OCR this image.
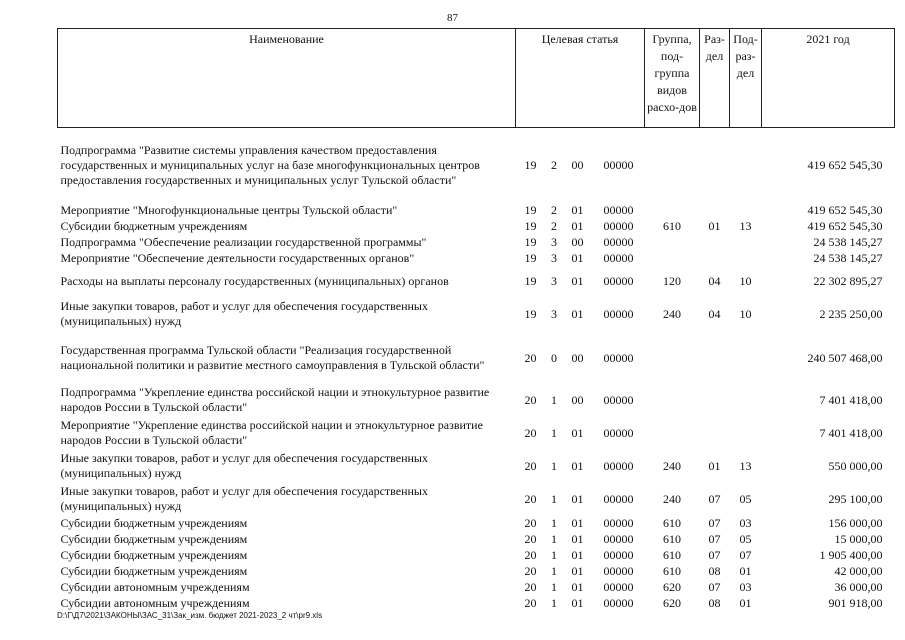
87
Наименование	Целевая статья				Группа, под-группа видов расхо-дов	Раз-дел	Под-раз-дел	2021 год
Подпрограмма "Развитие системы управления качеством предоставления государственных и муниципальных услуг на базе многофункциональных центров предоставления государственных и муниципальных услуг Тульской области"	19	2	00	00000				419 652 545,30
Мероприятие "Многофункциональные центры Тульской области"	19	2	01	00000				419 652 545,30
Субсидии бюджетным учреждениям	19	2	01	00000	610	01	13	419 652 545,30
Подпрограмма "Обеспечение реализации государственной программы"	19	3	00	00000				24 538 145,27
Мероприятие "Обеспечение деятельности государственных органов"	19	3	01	00000				24 538 145,27
Расходы на выплаты персоналу государственных (муниципальных) органов	19	3	01	00000	120	04	10	22 302 895,27
Иные закупки товаров, работ и услуг для обеспечения государственных (муниципальных) нужд	19	3	01	00000	240	04	10	2 235 250,00
Государственная программа Тульской области "Реализация государственной национальной политики и развитие местного самоуправления в Тульской области"	20	0	00	00000				240 507 468,00
Подпрограмма "Укрепление единства российской нации и этнокультурное развитие народов России в Тульской области"	20	1	00	00000				7 401 418,00
Мероприятие "Укрепление единства российской нации и этнокультурное развитие народов России в Тульской области"	20	1	01	00000				7 401 418,00
Иные закупки товаров, работ и услуг для обеспечения государственных (муниципальных) нужд	20	1	01	00000	240	01	13	550 000,00
Иные закупки товаров, работ и услуг для обеспечения государственных (муниципальных) нужд	20	1	01	00000	240	07	05	295 100,00
Субсидии бюджетным учреждениям	20	1	01	00000	610	07	03	156 000,00
Субсидии бюджетным учреждениям	20	1	01	00000	610	07	05	15 000,00
Субсидии бюджетным учреждениям	20	1	01	00000	610	07	07	1 905 400,00
Субсидии бюджетным учреждениям	20	1	01	00000	610	08	01	42 000,00
Субсидии автономным учреждениям	20	1	01	00000	620	07	03	36 000,00
Субсидии автономным учреждениям	20	1	01	00000	620	08	01	901 918,00
D:\Г\Д7\2021\ЗАКОНЫ\ЗАС_31\Зак_изм. бюджет 2021-2023_2 чт\pr9.xls
